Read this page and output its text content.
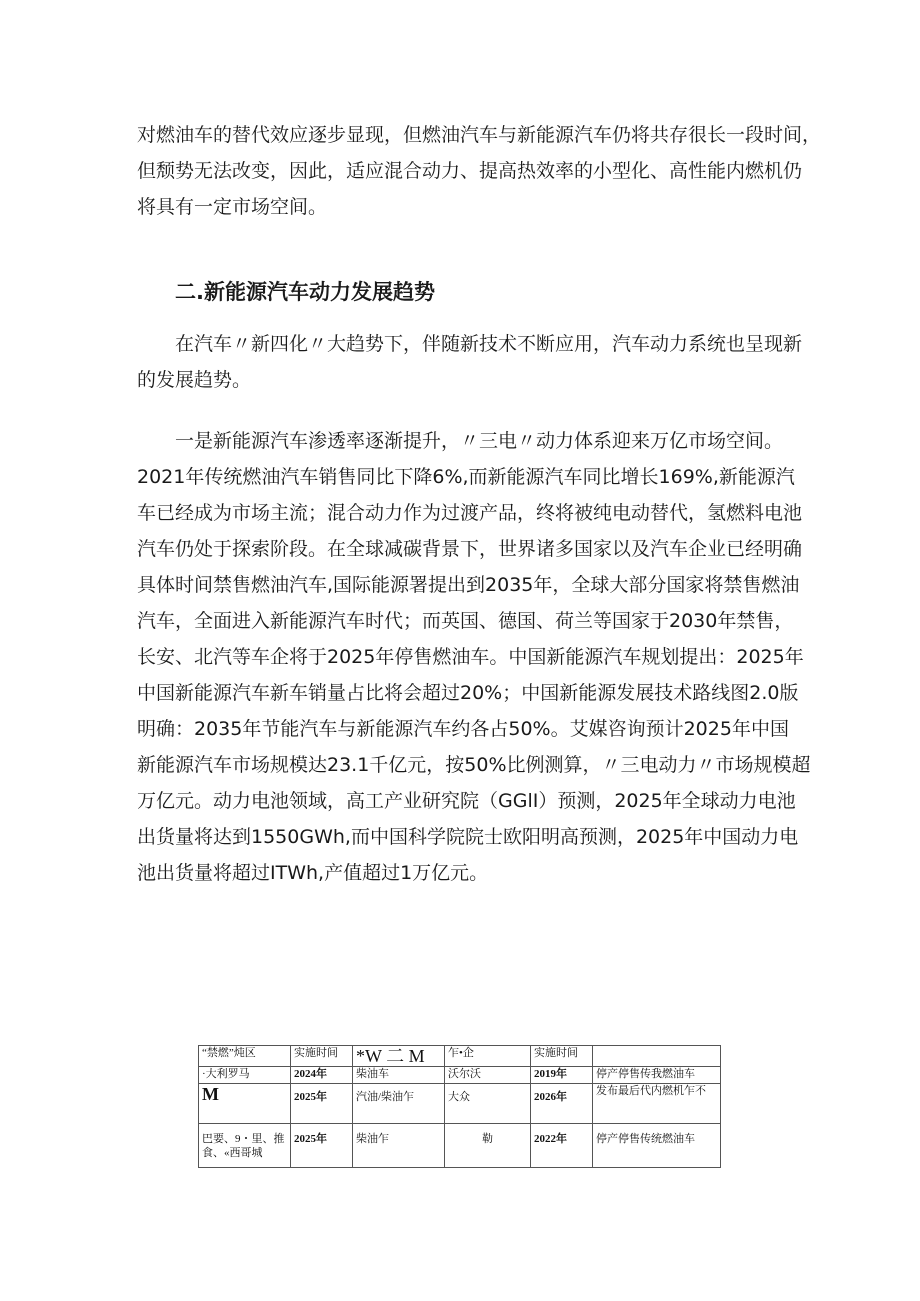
对燃油车的替代效应逐步显现，但燃油汽车与新能源汽车仍将共存很长一段时间，
但颓势无法改变，因此，适应混合动力、提高热效率的小型化、高性能内燃机仍
将具有一定市场空间。

二.新能源汽车动力发展趋势

在汽车〃新四化〃大趋势下，伴随新技术不断应用，汽车动力系统也呈现新
的发展趋势。

一是新能源汽车渗透率逐渐提升，〃三电〃动力体系迎来万亿市场空间。
2021年传统燃油汽车销售同比下降6%,而新能源汽车同比增长169%,新能源汽
车已经成为市场主流；混合动力作为过渡产品，终将被纯电动替代，氢燃料电池
汽车仍处于探索阶段。在全球减碳背景下，世界诸多国家以及汽车企业已经明确
具体时间禁售燃油汽车,国际能源署提出到2035年，全球大部分国家将禁售燃油
汽车，全面进入新能源汽车时代；而英国、德国、荷兰等国家于2030年禁售，
长安、北汽等车企将于2025年停售燃油车。中国新能源汽车规划提出：2025年
中国新能源汽车新车销量占比将会超过20%；中国新能源发展技术路线图2.0版
明确：2035年节能汽车与新能源汽车约各占50%。艾媒咨询预计2025年中国
新能源汽车市场规模达23.1千亿元，按50%比例测算，〃三电动力〃市场规模超
万亿元。动力电池领域，高工产业研究院（GGlI）预测，2025年全球动力电池
出货量将达到1550GWh,而中国科学院院士欧阳明高预测，2025年中国动力电
池出货量将超过ITWh,产值超过1万亿元。

“禁燃”炖区	实施时间	*W 二 M	乍•企	实施时间	
·大利罗马	2024年	柴油车	沃尔沃	2019年	停产停售传我燃油车
M	2025年	汽油/柴油乍	大众	2026年	发布最后代内燃机乍不
巴要、9・里、推食、«西哥城	2025年	柴油乍	勒	2022年	停产停售传统燃油车
